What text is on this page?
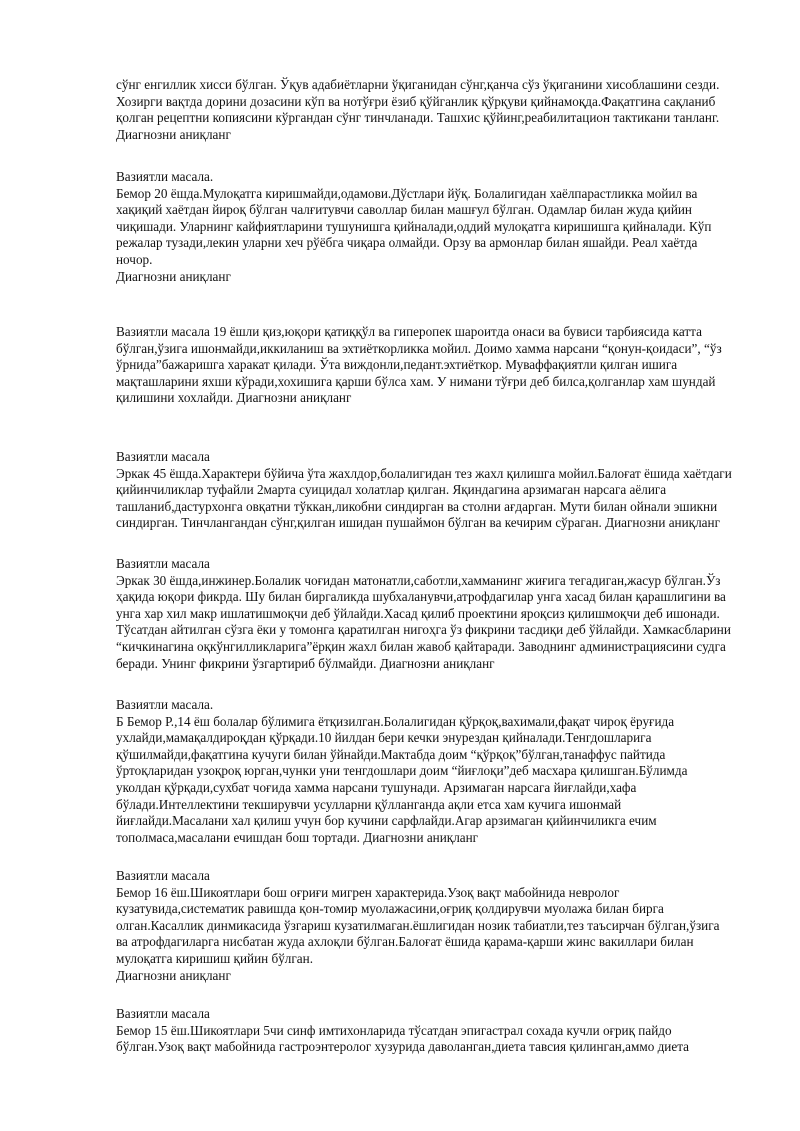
сўнг енгиллик хисси бўлган. Ўқув адабиётларни ўқиганидан сўнг,қанча сўз ўқиганини хисоблашини сезди.

Хозирги вақтда дорини дозасини кўп ва нотўғри ёзиб қўйганлик қўрқуви қийнамоқда.Фақатгина сақланиб

қолган рецептни копиясини кўргандан сўнг тинчланади. Ташхис қўйинг,реабилитацион тактикани танланг.

Диагнозни аниқланг

Вазиятли масала.

Бемор 20 ёшда.Мулоқатга киришмайди,одамови.Дўстлари йўқ. Болалигидан хаёлпарастликка мойил ва

хақиқий хаётдан йироқ бўлган чалғитувчи саволлар билан машғул бўлган. Одамлар билан жуда қийин

чиқишади. Уларнинг кайфиятларини тушунишга қийналади,оддий мулоқатга киришишга қийналади. Кўп

режалар тузади,лекин уларни хеч рўёбга чиқара олмайди. Орзу ва армонлар билан яшайди. Реал хаётда

ночор.

Диагнозни аниқланг

Вазиятли масала 19 ёшли қиз,юқори қатиққўл ва гиперопек шароитда онаси ва бувиси тарбиясида катта

бўлган,ўзига ишонмайди,иккиланиш ва эхтиёткорликка мойил. Доимо хамма нарсани “қонун-қоидаси”, “ўз

ўрнида”бажаришга харакат қилади. Ўта виждонли,педант.эхтиёткор. Муваффақиятли қилган ишига

мақташларини яхши кўради,хохишига қарши бўлса хам. У нимани тўғри деб билса,қолганлар хам шундай

қилишини хохлайди. Диагнозни аниқланг

Вазиятли масала

Эркак 45 ёшда.Характери бўйича ўта жахлдор,болалигидан тез жахл қилишга мойил.Балоғат ёшида хаётдаги

қийинчиликлар туфайли 2марта суицидал холатлар қилган. Яқиндагина арзимаган нарсага аёлига

ташланиб,дастурхонга овқатни тўккан,ликобни синдирган ва столни ағдарган. Мути билан ойнали эшикни

синдирган. Тинчлангандан сўнг,қилган ишидан пушаймон бўлган ва кечирим сўраган. Диагнозни аниқланг

Вазиятли масала

Эркак 30 ёшда,инжинер.Болалик чоғидан матонатли,саботли,хамманинг жиғига тегадиган,жасур бўлган.Ўз

ҳақида юқори фикрда. Шу билан биргаликда шубхаланувчи,атрофдагилар унга хасад билан қарашлигини ва

унга хар хил макр ишлатишмоқчи деб ўйлайди.Хасад қилиб проектини яроқсиз қилишмоқчи деб ишонади.

Тўсатдан айтилган сўзга ёки у томонга қаратилган нигоҳга ўз фикрини тасдиқи деб ўйлайди. Хамкасбларини

“кичкинагина оқкўнгилликларига”ёрқин жахл билан жавоб қайтаради. Заводнинг администрациясини судга

беради. Унинг фикрини ўзгартириб бўлмайди. Диагнозни аниқланг

Вазиятли масала.

Б Бемор Р.,14 ёш болалар бўлимига ётқизилган.Болалигидан қўрқоқ,вахимали,фақат чироқ ёруғида

ухлайди,мамақалдироқдан қўрқади.10 йилдан бери кечки энурездан қийналади.Тенгдошларига

қўшилмайди,фақатгина кучуги билан ўйнайди.Мактабда доим “қўрқоқ”бўлган,танаффус пайтида

ўртоқларидан узоқроқ юрган,чунки уни тенгдошлари доим “йиғлоқи”деб масхара қилишган.Бўлимда

уколдан қўрқади,сухбат чоғида хамма нарсани тушунади. Арзимаган нарсага йиғлайди,хафа

бўлади.Интеллектини текширувчи усулларни қўлланганда ақли етса хам кучига ишонмай

йиғлайди.Масалани хал қилиш учун бор кучини сарфлайди.Агар арзимаган қийинчиликга ечим

тополмаса,масалани ечишдан бош тортади. Диагнозни аниқланг

Вазиятли масала

Бемор 16 ёш.Шикоятлари бош оғриғи мигрен характерида.Узоқ вақт мабойнида невролог

кузатувида,систематик равишда қон-томир муолажасини,оғриқ қолдирувчи муолажа билан бирга

олган.Касаллик динмикасида ўзгариш кузатилмаган.ёшлигидан нозик табиатли,тез таъсирчан бўлган,ўзига

ва атрофдагиларга нисбатан жуда ахлоқли бўлган.Балоғат ёшида қарама-қарши жинс вакиллари билан

мулоқатга киришиш қийин бўлган.

Диагнозни аниқланг

Вазиятли масала

Бемор 15 ёш.Шикоятлари 5чи синф имтихонларида тўсатдан эпигастрал сохада кучли оғриқ пайдо

бўлган.Узоқ вақт мабойнида гастроэнтеролог хузурида даволанган,диета тавсия қилинган,аммо диета
